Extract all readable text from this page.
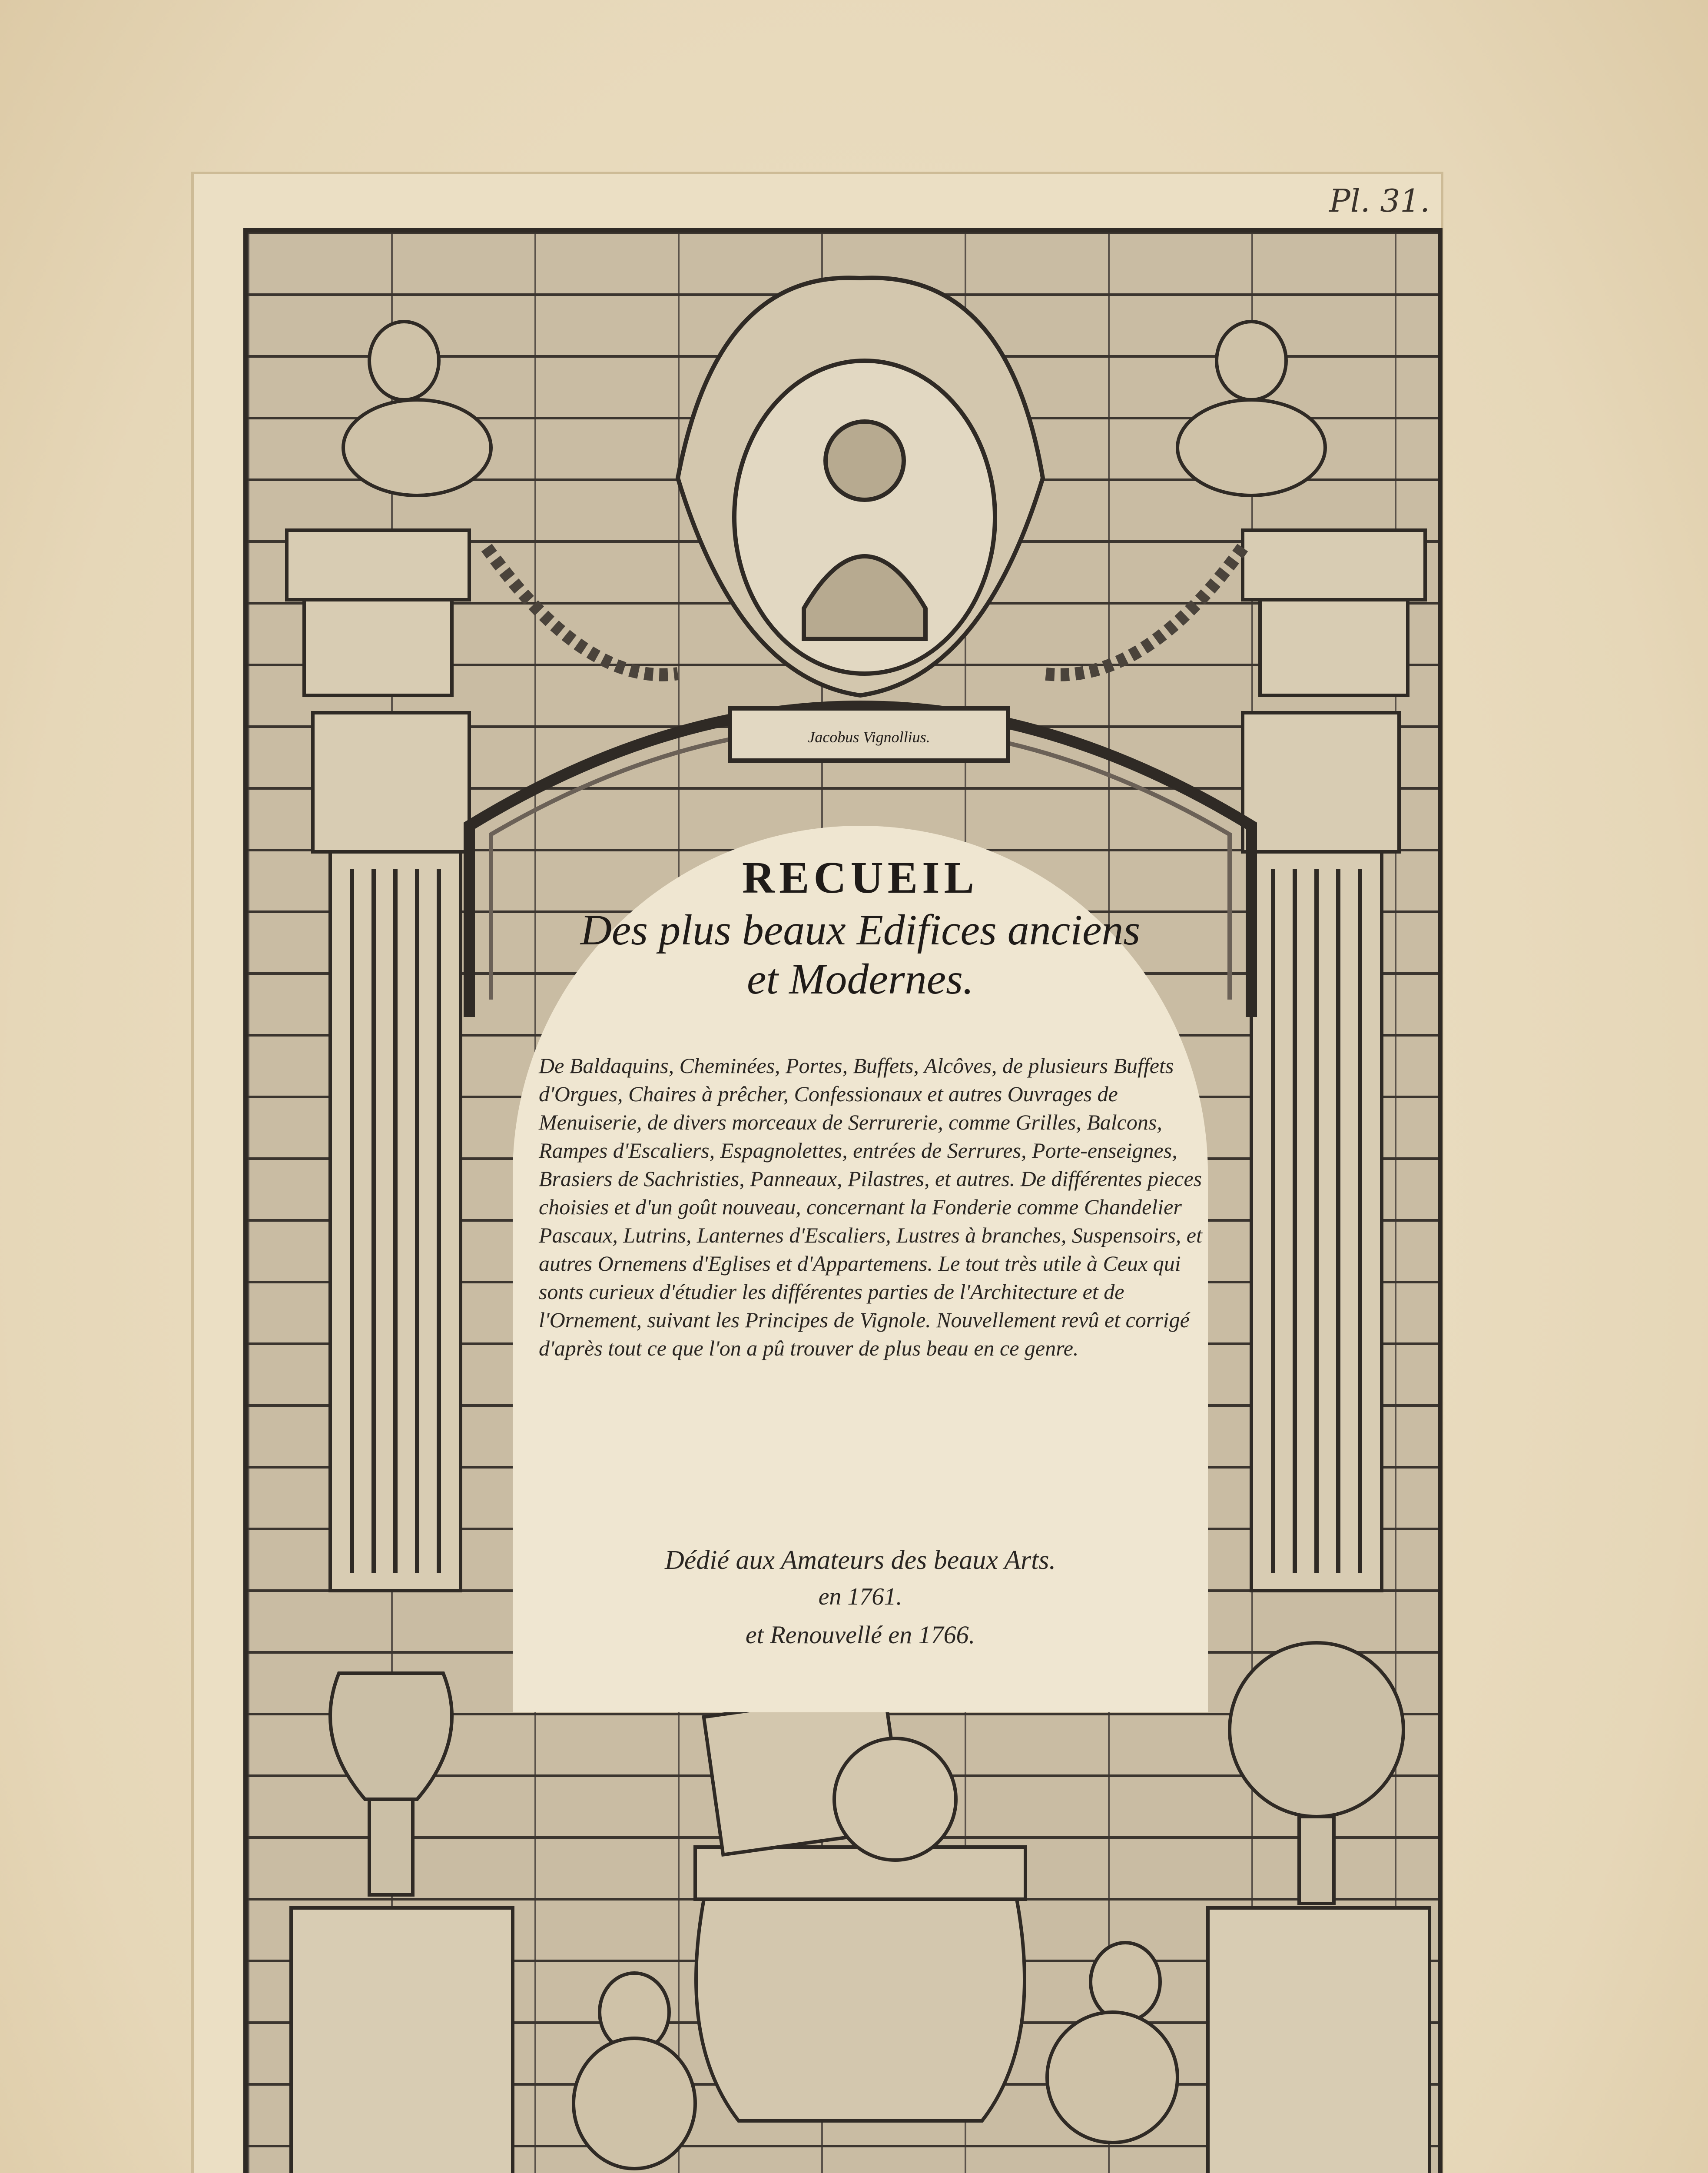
Pl. 31.
Jacobus Vignollius.
RECUEIL
Des plus beaux Edifices anciens
et Modernes.
De Baldaquins, Cheminées, Portes, Buffets, Alcôves, de plusieurs Buffets d'Orgues, Chaires à prêcher, Confessionaux et autres Ouvrages de Menuiserie, de divers morceaux de Serrurerie, comme Grilles, Balcons, Rampes d'Escaliers, Espagnolettes, entrées de Serrures, Porte-enseignes, Brasiers de Sachristies, Panneaux, Pilastres, et autres. De différentes pieces choisies et d'un goût nouveau, concernant la Fonderie comme Chandelier Pascaux, Lutrins, Lanternes d'Escaliers, Lustres à branches, Suspensoirs, et autres Ornemens d'Eglises et d'Appartemens. Le tout très utile à Ceux qui sonts curieux d'étudier les différentes parties de l'Architecture et de l'Ornement, suivant les Principes de Vignole. Nouvellement revû et corrigé d'après tout ce que l'on a pû trouver de plus beau en ce genre.
Dédié aux Amateurs des beaux Arts.
en 1761.
et Renouvellé en 1766.
